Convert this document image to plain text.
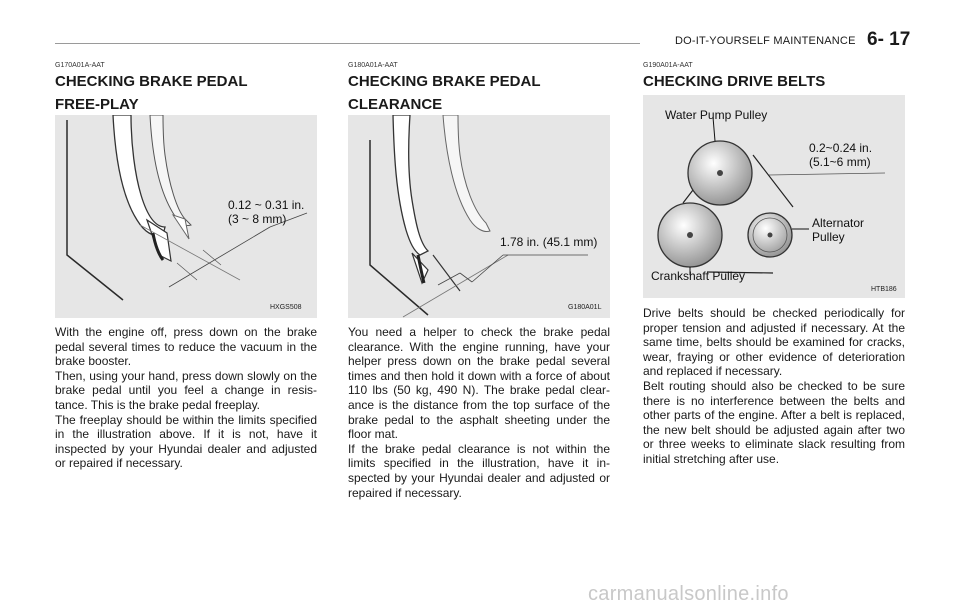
DO-IT-YOURSELF MAINTENANCE 6- 17
G170A01A-AAT
CHECKING BRAKE PEDAL
FREE-PLAY
0.12 ~ 0.31 in.
(3 ~ 8 mm)
HXGS508
With the engine off, press down on the brake pedal several times to reduce the vacuum in the brake booster.
Then, using your hand, press down slowly on the brake pedal until you feel a change in resis-tance. This is the brake pedal freeplay.
The freeplay should be within the limits specified in the illustration above. If it is not, have it inspected by your Hyundai dealer and adjusted or repaired if necessary.
G180A01A-AAT
CHECKING BRAKE PEDAL
CLEARANCE
1.78 in. (45.1 mm)
G180A01L
You need a helper to check the brake pedal clearance. With the engine running, have your helper press down on the brake pedal several times and then hold it down with a force of about 110 lbs (50 kg, 490 N). The brake pedal clear-ance is the distance from the top surface of the brake pedal to the asphalt sheeting under the floor mat.
If the brake pedal clearance is not within the limits specified in the illustration, have it in-spected by your Hyundai dealer and adjusted or repaired if necessary.
G190A01A-AAT
CHECKING DRIVE BELTS
Water Pump Pulley
0.2~0.24 in.
(5.1~6 mm)
Alternator
Pulley
Crankshaft Pulley
HTB186
Drive belts should be checked periodically for proper tension and adjusted if necessary. At the same time, belts should be examined for cracks, wear, fraying or other evidence of deterioration and replaced if necessary.
Belt routing should also be checked to be sure there is no interference between the belts and other parts of the engine. After a belt is replaced, the new belt should be adjusted again after two or three weeks to eliminate slack resulting from initial stretching after use.
carmanualsonline.info
